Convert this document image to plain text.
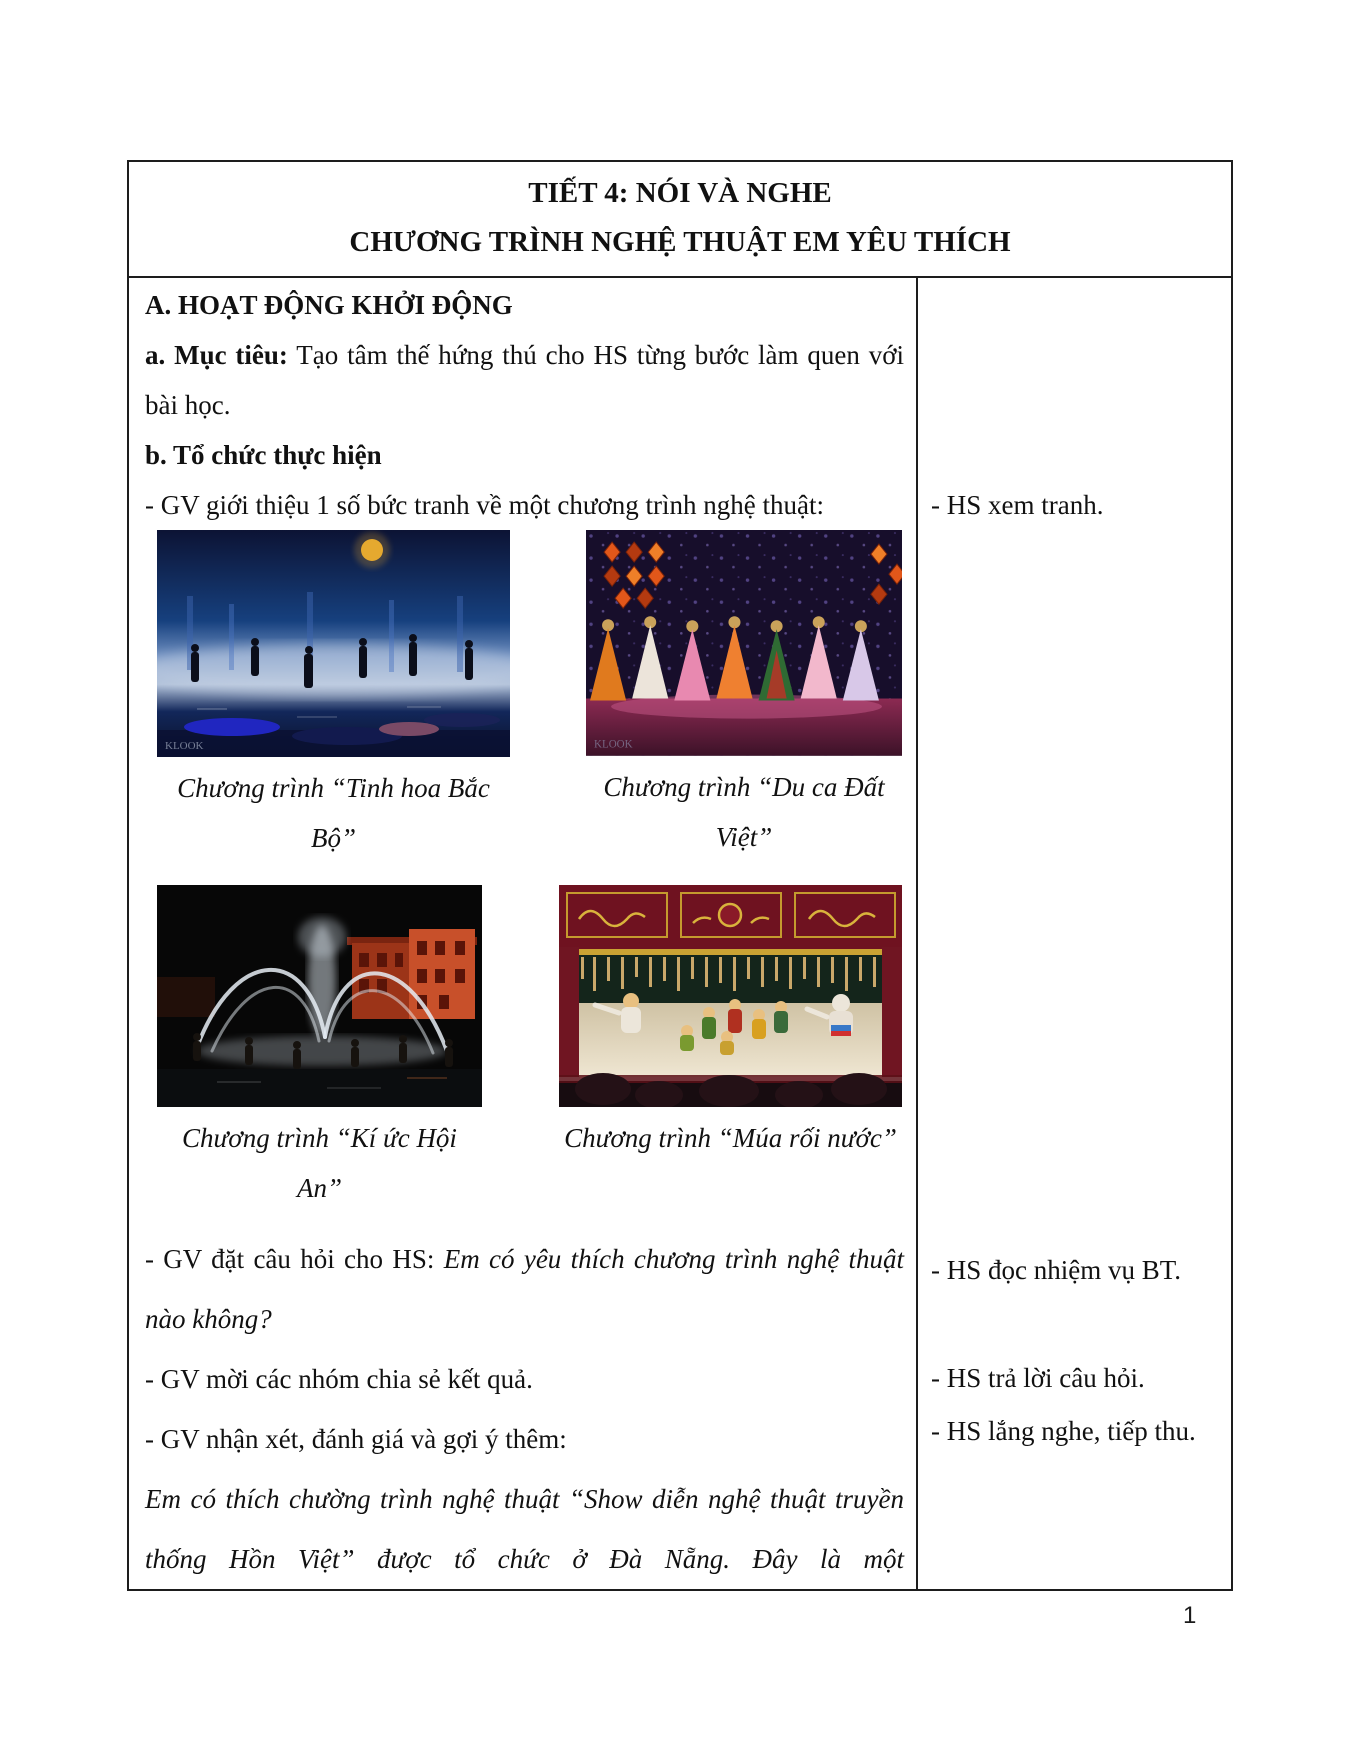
TIẾT 4: NÓI VÀ NGHE
CHƯƠNG TRÌNH NGHỆ THUẬT EM YÊU THÍCH

A. HOẠT ĐỘNG KHỞI ĐỘNG

a. Mục tiêu: Tạo tâm thế hứng thú cho HS từng bước làm quen với bài học.

b. Tổ chức thực hiện

- GV giới thiệu 1 số bức tranh về một chương trình nghệ thuật:

KLOOK
Chương trình “Tinh hoa Bắc Bộ”
KLOOK
Chương trình “Du ca Đất Việt”
Chương trình “Kí ức Hội An”
Chương trình “Múa rối nước”

- GV đặt câu hỏi cho HS: Em có yêu thích chương trình nghệ thuật nào không?

- GV mời các nhóm chia sẻ kết quả.

- GV nhận xét, đánh giá và gợi ý thêm:

Em có thích chường trình nghệ thuật “Show diễn nghệ thuật truyền thống Hồn Việt” được tổ chức ở Đà Nẵng. Đây là một

- HS xem tranh.
- HS đọc nhiệm vụ BT.
- HS trả lời câu hỏi.
- HS lắng nghe, tiếp thu.
1
